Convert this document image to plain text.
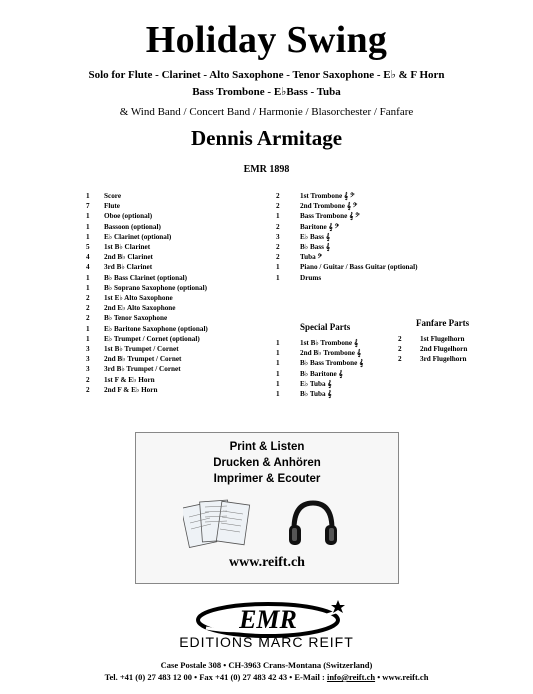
Holiday Swing
Solo for Flute - Clarinet - Alto Saxophone - Tenor Saxophone - E♭ & F Horn
Bass Trombone - E♭Bass - Tuba
& Wind Band / Concert Band / Harmonie / Blasorchester / Fanfare
Dennis Armitage
EMR 1898
1	Score
7	Flute
1	Oboe (optional)
1	Bassoon (optional)
1	E♭ Clarinet (optional)
5	1st B♭ Clarinet
4	2nd B♭ Clarinet
4	3rd B♭ Clarinet
1	B♭ Bass Clarinet (optional)
1	B♭ Soprano Saxophone (optional)
2	1st E♭ Alto Saxophone
2	2nd E♭ Alto Saxophone
2	B♭ Tenor Saxophone
1	E♭ Baritone Saxophone (optional)
1	E♭ Trumpet / Cornet (optional)
3	1st B♭ Trumpet / Cornet
3	2nd B♭ Trumpet / Cornet
3	3rd B♭ Trumpet / Cornet
2	1st F & E♭ Horn
2	2nd F & E♭ Horn
2	1st Trombone 𝄞 𝄢
2	2nd Trombone 𝄞 𝄢
1	Bass Trombone 𝄞 𝄢
2	Baritone 𝄞 𝄢
3	E♭ Bass 𝄞
2	B♭ Bass 𝄞
2	Tuba 𝄢
1	Piano / Guitar / Bass Guitar (optional)
1	Drums
Special Parts
1	1st B♭ Trombone 𝄞
1	2nd B♭ Trombone 𝄞
1	B♭ Bass Trombone 𝄞
1	B♭ Baritone 𝄞
1	E♭ Tuba 𝄞
1	B♭ Tuba 𝄞
Fanfare Parts
2	1st Flugelhorn
2	2nd Flugelhorn
2	3rd Flugelhorn
Print & Listen
Drucken & Anhören
Imprimer & Ecouter
www.reift.ch
EMR
EDITIONS MARC REIFT
Case Postale 308 • CH-3963 Crans-Montana (Switzerland)
Tel. +41 (0) 27 483 12 00 • Fax +41 (0) 27 483 42 43 • E-Mail : info@reift.ch • www.reift.ch
